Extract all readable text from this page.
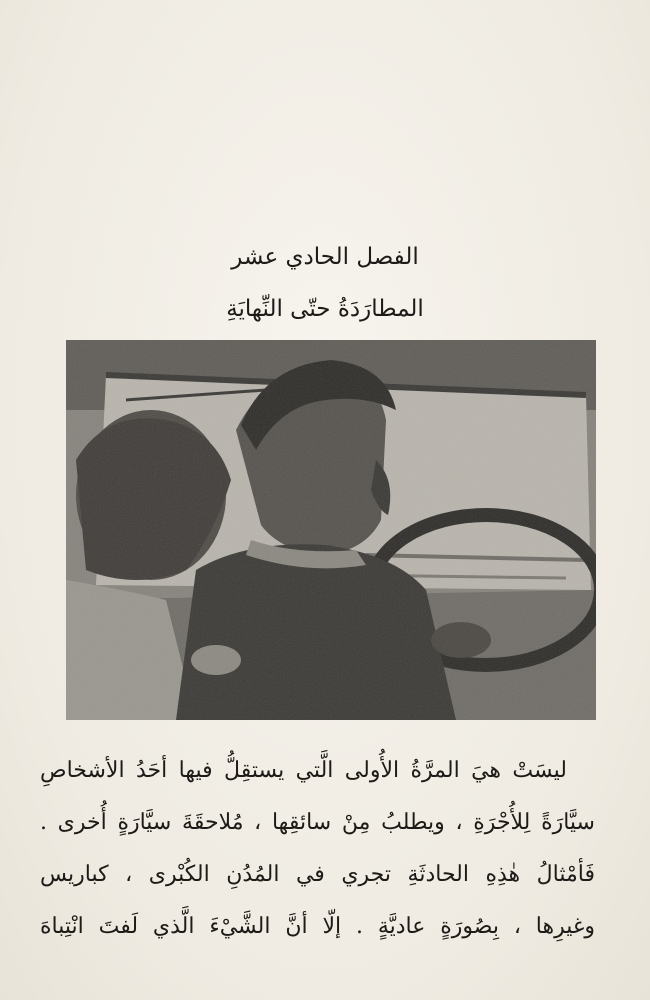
الفصل الحادي عشر
المطارَدَةُ حتّى النِّهايَةِ
ليسَتْ هيَ المرَّةُ الأُولى الَّتي يستقِلُّ فيها أحَدُ الأشخاصِ
سيَّارَةً لِلأُجْرَةِ ، ويطلبُ مِنْ سائقِها ، مُلاحقَةَ سيَّارَةٍ أُخرى .
فَأمْثالُ هٰذِهِ الحادثَةِ تجري في المُدُنِ الكُبْرى ، كباريس
وغيرِها ، بِصُورَةٍ عاديَّةٍ . إلّا أنَّ الشَّيْءَ الَّذي لَفتَ انْتِباهَ
